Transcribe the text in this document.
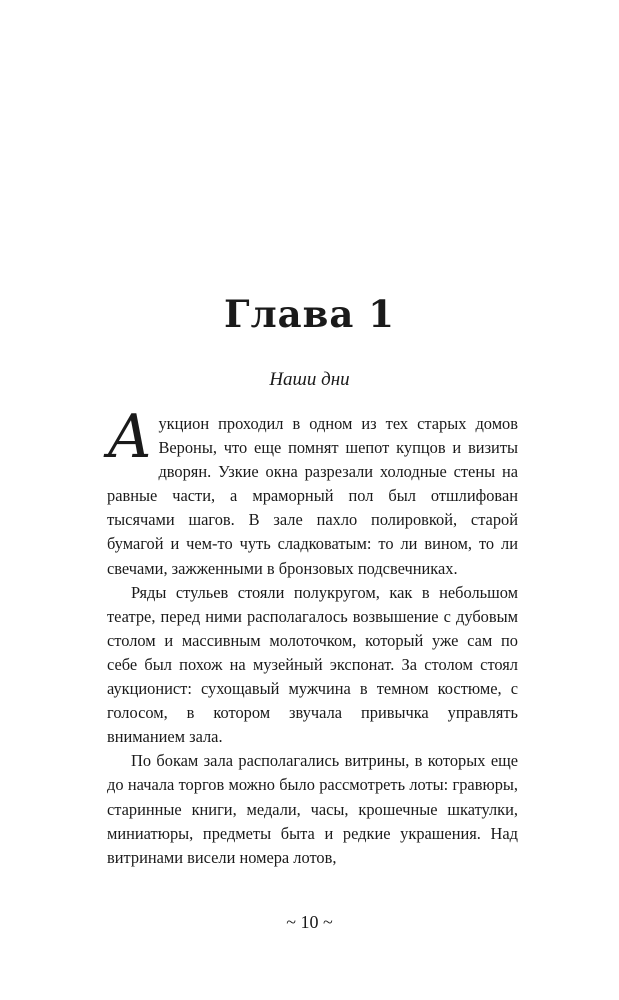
Глава 1
Наши дни

Аукцион проходил в одном из тех старых домов Вероны, что еще помнят шепот купцов и визиты дворян. Узкие окна разрезали холодные стены на равные части, а мраморный пол был отшлифован тысячами шагов. В зале пахло полировкой, старой бумагой и чем-то чуть сладковатым: то ли вином, то ли свечами, зажженными в бронзовых подсвечниках.

Ряды стульев стояли полукругом, как в небольшом театре, перед ними располагалось возвышение с дубовым столом и массивным молоточком, который уже сам по себе был похож на музейный экспонат. За столом стоял аукционист: сухощавый мужчина в темном костюме, с голосом, в котором звучала привычка управлять вниманием зала.

По бокам зала располагались витрины, в которых еще до начала торгов можно было рассмотреть лоты: гравюры, старинные книги, медали, часы, крошечные шкатулки, миниатюры, предметы быта и редкие украшения. Над витринами висели номера лотов,

~ 10 ~
